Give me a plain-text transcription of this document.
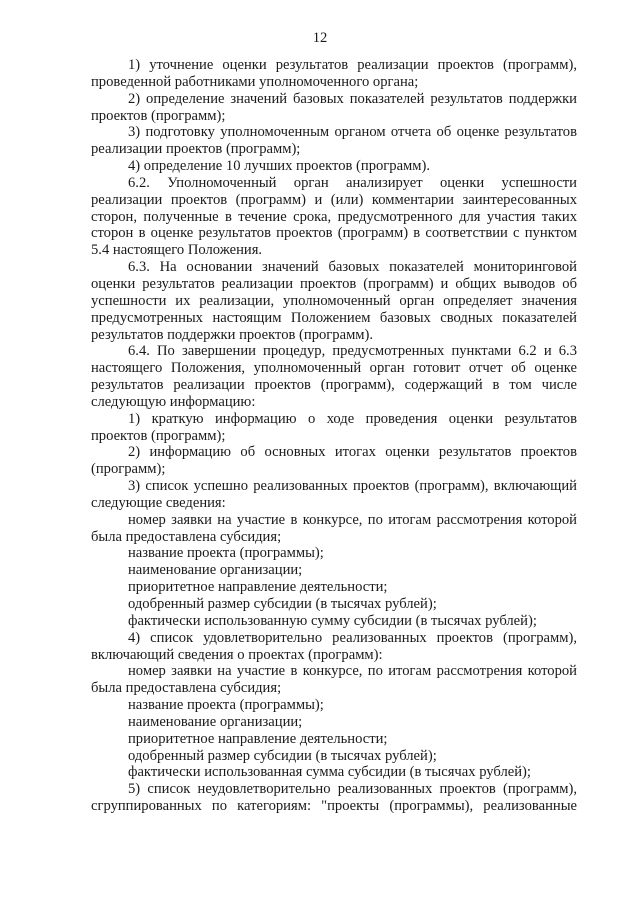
12

1) уточнение оценки результатов реализации проектов (программ), проведенной работниками уполномоченного органа;

2) определение значений базовых показателей результатов поддержки проектов (программ);

3) подготовку уполномоченным органом отчета об оценке результатов реализации проектов (программ);

4) определение 10 лучших проектов (программ).

6.2. Уполномоченный орган анализирует оценки успешности реализации проектов (программ) и (или) комментарии заинтересованных сторон, полученные в течение срока, предусмотренного для участия таких сторон в оценке результатов проектов (программ) в соответствии с пунктом 5.4 настоящего Положения.

6.3. На основании значений базовых показателей мониторинговой оценки результатов реализации проектов (программ) и общих выводов об успешности их реализации, уполномоченный орган определяет значения предусмотренных настоящим Положением базовых сводных показателей результатов поддержки проектов (программ).

6.4. По завершении процедур, предусмотренных пунктами 6.2 и 6.3 настоящего Положения, уполномоченный орган готовит отчет об оценке результатов реализации проектов (программ), содержащий в том числе следующую информацию:

1) краткую информацию о ходе проведения оценки результатов проектов (программ);

2) информацию об основных итогах оценки результатов проектов (программ);

3) список успешно реализованных проектов (программ), включающий следующие сведения:

номер заявки на участие в конкурсе, по итогам рассмотрения которой была предоставлена субсидия;

название проекта (программы);

наименование организации;

приоритетное направление деятельности;

одобренный размер субсидии (в тысячах рублей);

фактически использованную сумму субсидии (в тысячах рублей);

4) список удовлетворительно реализованных проектов (программ), включающий сведения о проектах (программ):

номер заявки на участие в конкурсе, по итогам рассмотрения которой была предоставлена субсидия;

название проекта (программы);

наименование организации;

приоритетное направление деятельности;

одобренный размер субсидии (в тысячах рублей);

фактически использованная сумма субсидии (в тысячах рублей);

5) список неудовлетворительно реализованных проектов (программ), сгруппированных по категориям: "проекты (программы), реализованные
